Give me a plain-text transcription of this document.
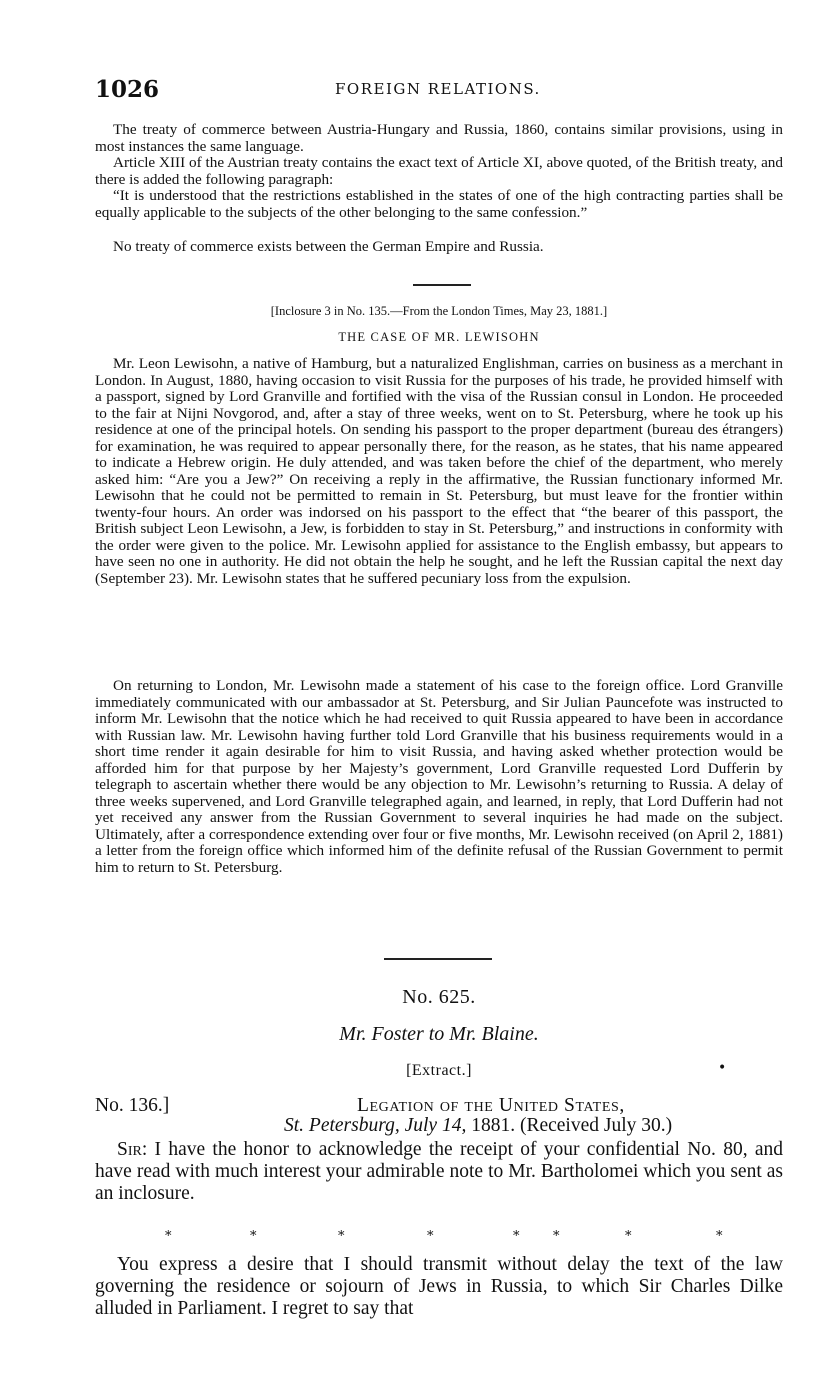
1026	FOREIGN RELATIONS.

The treaty of commerce between Austria-Hungary and Russia, 1860, contains similar provisions, using in most instances the same language.

Article XIII of the Austrian treaty contains the exact text of Article XI, above quoted, of the British treaty, and there is added the following paragraph:

“It is understood that the restrictions established in the states of one of the high contracting parties shall be equally applicable to the subjects of the other belonging to the same confession.”

No treaty of commerce exists between the German Empire and Russia.

[Inclosure 3 in No. 135.—From the London Times, May 23, 1881.]
THE CASE OF MR. LEWISOHN

Mr. Leon Lewisohn, a native of Hamburg, but a naturalized Englishman, carries on business as a merchant in London. In August, 1880, having occasion to visit Russia for the purposes of his trade, he provided himself with a passport, signed by Lord Granville and fortified with the visa of the Russian consul in London. He proceeded to the fair at Nijni Novgorod, and, after a stay of three weeks, went on to St. Petersburg, where he took up his residence at one of the principal hotels. On sending his passport to the proper department (bureau des étrangers) for examination, he was required to appear personally there, for the reason, as he states, that his name appeared to indicate a Hebrew origin. He duly attended, and was taken before the chief of the department, who merely asked him: “Are you a Jew?” On receiving a reply in the affirmative, the Russian functionary informed Mr. Lewisohn that he could not be permitted to remain in St. Petersburg, but must leave for the frontier within twenty-four hours. An order was indorsed on his passport to the effect that “the bearer of this passport, the British subject Leon Lewisohn, a Jew, is forbidden to stay in St. Petersburg,” and instructions in conformity with the order were given to the police. Mr. Lewisohn applied for assistance to the English embassy, but appears to have seen no one in authority. He did not obtain the help he sought, and he left the Russian capital the next day (September 23). Mr. Lewisohn states that he suffered pecuniary loss from the expulsion.

On returning to London, Mr. Lewisohn made a statement of his case to the foreign office. Lord Granville immediately communicated with our ambassador at St. Petersburg, and Sir Julian Pauncefote was instructed to inform Mr. Lewisohn that the notice which he had received to quit Russia appeared to have been in accordance with Russian law. Mr. Lewisohn having further told Lord Granville that his business requirements would in a short time render it again desirable for him to visit Russia, and having asked whether protection would be afforded him for that purpose by her Majesty’s government, Lord Granville requested Lord Dufferin by telegraph to ascertain whether there would be any objection to Mr. Lewisohn’s returning to Russia. A delay of three weeks supervened, and Lord Granville telegraphed again, and learned, in reply, that Lord Dufferin had not yet received any answer from the Russian Government to several inquiries he had made on the subject. Ultimately, after a correspondence extending over four or five months, Mr. Lewisohn received (on April 2, 1881) a letter from the foreign office which informed him of the definite refusal of the Russian Government to permit him to return to St. Petersburg.

No. 625.
Mr. Foster to Mr. Blaine.
[Extract.]	•
No. 136.]	Legation of the United States,
St. Petersburg, July 14, 1881. (Received July 30.)

Sir: I have the honor to acknowledge the receipt of your confidential No. 80, and have read with much interest your admirable note to Mr. Bartholomei which you sent as an inclosure.

*	*	*	*	*	*	*	*

You express a desire that I should transmit without delay the text of the law governing the residence or sojourn of Jews in Russia, to which Sir Charles Dilke alluded in Parliament. I regret to say that
